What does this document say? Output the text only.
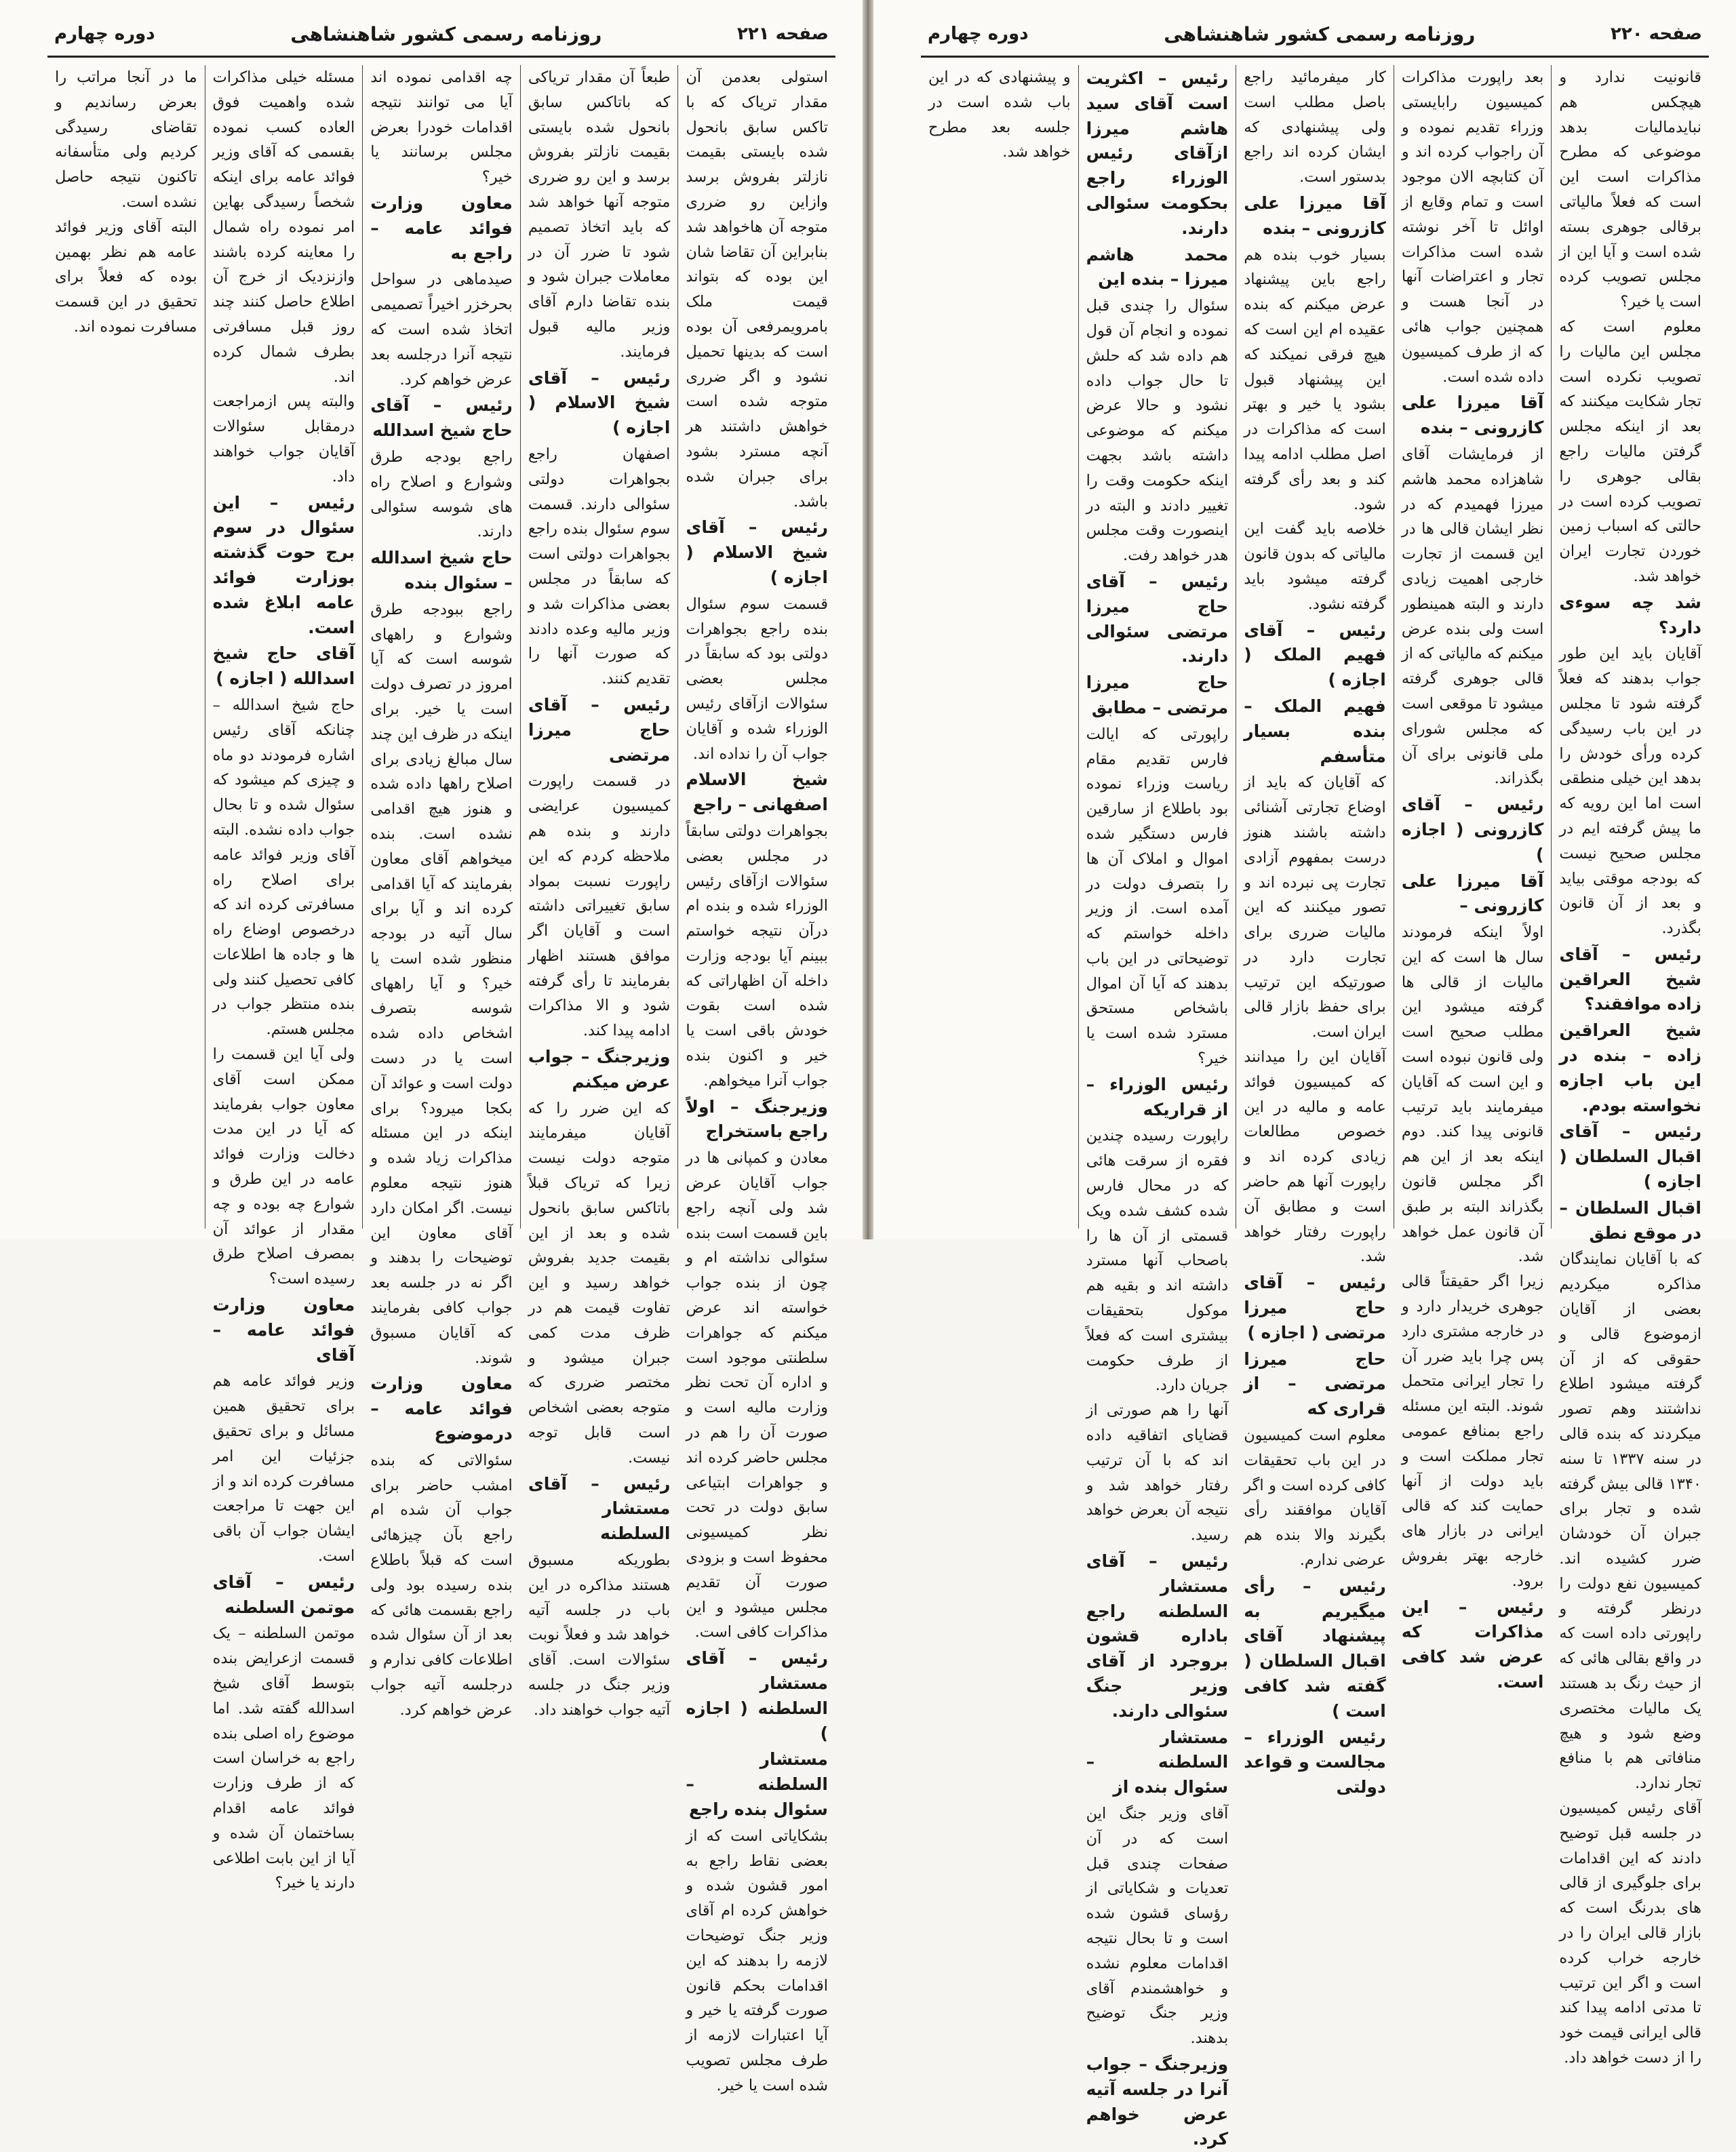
صفحه ۲۲۱
روزنامه رسمی کشور شاهنشاهی
دوره چهارم

استولی بعدمن آن مقدار تریاک که با تاکس سابق بانحول شده بایستی بقیمت نازلتر بفروش برسد وازاین رو ضرری متوجه آن هاخواهد شد بنابراین آن تقاضا شان این بوده که بتواند قیمت ملک بامرویمرفعی آن بوده است که بدینها تحمیل نشود و اگر ضرری متوجه شده است خواهش داشتند هر آنچه مسترد بشود برای جبران شده باشد.

رئیس – آقای شیخ الاسلام ( اجازه )

قسمت سوم سئوال بنده راجع بجواهرات دولتی بود که سابقاً در مجلس بعضی سئوالات ازآقای رئیس الوزراء شده و آقایان جواب آن را نداده اند.

شیخ الاسلام اصفهانی – راجع

بجواهرات دولتی سابقاً در مجلس بعضی سئوالات ازآقای رئیس الوزراء شده و بنده ام درآن نتیجه خواستم ببینم آیا بودجه وزارت داخله آن اظهاراتی که شده است بقوت خودش باقی است یا خیر و اکنون بنده جواب آنرا میخواهم.

وزیرجنگ – اولاً راجع باستخراج

معادن و کمپانی ها در جواب آقایان عرض شد ولی آنچه راجع باین قسمت است بنده سئوالی نداشته ام و چون از بنده جواب خواسته اند عرض میکنم که جواهرات سلطنتی موجود است و اداره آن تحت نظر وزارت مالیه است و صورت آن را هم در مجلس حاضر کرده اند و جواهرات ابتیاعی سابق دولت در تحت نظر کمیسیونی محفوظ است و بزودی صورت آن تقدیم مجلس میشود و این مذاکرات کافی است.

رئیس – آقای مستشار السلطنه ( اجازه )

مستشار السلطنه – سئوال بنده راجع

بشکایاتی است که از بعضی نقاط راجع به امور قشون شده و خواهش کرده ام آقای وزیر جنگ توضیحات لازمه را بدهند که این اقدامات بحکم قانون صورت گرفته یا خیر و آیا اعتبارات لازمه از طرف مجلس تصویب شده است یا خیر.

طبعاً آن مقدار تریاکی که باتاکس سابق بانحول شده بایستی بقیمت نازلتر بفروش برسد و این رو ضرری متوجه آنها خواهد شد که باید اتخاذ تصمیم شود تا ضرر آن در معاملات جبران شود و بنده تقاضا دارم آقای وزیر مالیه قبول فرمایند.

رئیس – آقای شیخ الاسلام ( اجازه )

اصفهان راجع بجواهرات دولتی سئوالی دارند. قسمت سوم سئوال بنده راجع بجواهرات دولتی است که سابقاً در مجلس بعضی مذاکرات شد و وزیر مالیه وعده دادند که صورت آنها را تقدیم کنند.

رئیس – آقای حاج میرزا مرتضی

در قسمت راپورت کمیسیون عرایضی دارند و بنده هم ملاحظه کردم که این راپورت نسبت بمواد سابق تغییراتی داشته است و آقایان اگر موافق هستند اظهار بفرمایند تا رأی گرفته شود و الا مذاکرات ادامه پیدا کند.

وزیرجنگ – جواب عرض میکنم

که این ضرر را که آقایان میفرمایند متوجه دولت نیست زیرا که تریاک قبلاً باتاکس سابق بانحول شده و بعد از این بقیمت جدید بفروش خواهد رسید و این تفاوت قیمت هم در ظرف مدت کمی جبران میشود و مختصر ضرری که متوجه بعضی اشخاص است قابل توجه نیست.

رئیس – آقای مستشار السلطنه

بطوریکه مسبوق هستند مذاکره در این باب در جلسه آتیه خواهد شد و فعلاً نوبت سئوالات است. آقای وزیر جنگ در جلسه آتیه جواب خواهند داد.

چه اقدامی نموده اند آیا می توانند نتیجه اقدامات خودرا بعرض مجلس برسانند یا خیر؟

معاون وزارت فوائد عامه – راجع به

صیدماهی در سواحل بحرخزر اخیراً تصمیمی اتخاذ شده است که نتیجه آنرا درجلسه بعد عرض خواهم کرد.

رئیس – آقای حاج شیخ اسدالله

راجع بودجه طرق وشوارع و اصلاح راه های شوسه سئوالی دارند.

حاج شیخ اسدالله – سئوال بنده

راجع ببودجه طرق وشوارع و راههای شوسه است که آیا امروز در تصرف دولت است یا خیر. برای اینکه در ظرف این چند سال مبالغ زیادی برای اصلاح راهها داده شده و هنوز هیچ اقدامی نشده است. بنده میخواهم آقای معاون بفرمایند که آیا اقدامی کرده اند و آیا برای سال آتیه در بودجه منظور شده است یا خیر؟ و آیا راههای شوسه بتصرف اشخاص داده شده است یا در دست دولت است و عوائد آن بکجا میرود؟ برای اینکه در این مسئله مذاکرات زیاد شده و هنوز نتیجه معلوم نیست. اگر امکان دارد آقای معاون این توضیحات را بدهند و اگر نه در جلسه بعد جواب کافی بفرمایند که آقایان مسبوق شوند.

معاون وزارت فوائد عامه – درموضوع

سئوالاتی که بنده امشب حاضر برای جواب آن شده ام راجع بآن چیزهائی است که قبلاً باطلاع بنده رسیده بود ولی راجع بقسمت هائی که بعد از آن سئوال شده اطلاعات کافی ندارم و درجلسه آتیه جواب عرض خواهم کرد.

مسئله خیلی مذاکرات شده واهمیت فوق العاده کسب نموده بقسمی که آقای وزیر فوائد عامه برای اینکه شخصاً رسیدگی بهاین امر نموده راه شمال را معاینه کرده باشند وازنزدیک از خرج آن اطلاع حاصل کنند چند روز قبل مسافرتی بطرف شمال کرده اند.

والبته پس ازمراجعت درمقابل سئوالات آقایان جواب خواهند داد.

رئیس – این سئوال در سوم برج حوت گذشته بوزارت فوائد عامه ابلاغ شده است.

آقای حاج شیخ اسدالله ( اجازه )

حاج شیخ اسدالله – چنانکه آقای رئیس اشاره فرمودند دو ماه و چیزی کم میشود که سئوال شده و تا بحال جواب داده نشده. البته آقای وزیر فوائد عامه برای اصلاح راه مسافرتی کرده اند که درخصوص اوضاع راه ها و جاده ها اطلاعات کافی تحصیل کنند ولی بنده منتظر جواب در مجلس هستم.

ولی آیا این قسمت را ممکن است آقای معاون جواب بفرمایند که آیا در این مدت دخالت وزارت فوائد عامه در این طرق و شوارع چه بوده و چه مقدار از عوائد آن بمصرف اصلاح طرق رسیده است؟

معاون وزارت فوائد عامه – آقای

وزیر فوائد عامه هم برای تحقیق همین مسائل و برای تحقیق جزئیات این امر مسافرت کرده اند و از این جهت تا مراجعت ایشان جواب آن باقی است.

رئیس – آقای موتمن السلطنه

موتمن السلطنه – یک قسمت ازعرایض بنده بتوسط آقای شیخ اسدالله گفته شد. اما موضوع راه اصلی بنده راجع به خراسان است که از طرف وزارت فوائد عامه اقدام بساختمان آن شده و آیا از این بابت اطلاعی دارند یا خیر؟

ما در آنجا مراتب را بعرض رساندیم و تقاضای رسیدگی کردیم ولی متأسفانه تاکنون نتیجه حاصل نشده است.

البته آقای وزیر فوائد عامه هم نظر بهمین بوده که فعلاً برای تحقیق در این قسمت مسافرت نموده اند.

صفحه ۲۲۰
روزنامه رسمی کشور شاهنشاهی
دوره چهارم

قانونیت ندارد و هیچکس هم نبایدمالیات بدهد موضوعی که مطرح مذاکرات است این است که فعلاً مالیاتی برقالی جوهری بسته شده است و آیا این از مجلس تصویب کرده است یا خیر؟

معلوم است که مجلس این مالیات را تصویب نکرده است تجار شکایت میکنند که بعد از اینکه مجلس گرفتن مالیات راجع بقالی جوهری را تصویب کرده است در حالتی که اسباب زمین خوردن تجارت ایران خواهد شد.

شد چه سوءی دارد؟

آقایان باید این طور جواب بدهند که فعلاً گرفته شود تا مجلس در این باب رسیدگی کرده ورأی خودش را بدهد این خیلی منطقی است اما این رویه که ما پیش گرفته ایم در مجلس صحیح نیست که بودجه موقتی بیاید و بعد از آن قانون بگذرد.

رئیس – آقای شیخ العراقین زاده موافقند؟

شیخ العراقین زاده – بنده در این باب اجازه نخواسته بودم.

رئیس – آقای اقبال السلطان ( اجازه )

اقبال السلطان – در موقع نطق

که با آقایان نمایندگان مذاکره میکردیم بعضی از آقایان ازموضوع قالی و حقوقی که از آن گرفته میشود اطلاع نداشتند وهم تصور میکردند که بنده قالی در سنه ۱۳۳۷ تا سنه ۱۳۴۰ قالی بیش گرفته شده و تجار برای جبران آن خودشان ضرر کشیده اند. کمیسیون نفع دولت را درنظر گرفته و راپورتی داده است که در واقع بقالی هائی که از حیث رنگ بد هستند یک مالیات مختصری وضع شود و هیچ منافاتی هم با منافع تجار ندارد.

آقای رئیس کمیسیون در جلسه قبل توضیح دادند که این اقدامات برای جلوگیری از قالی های بدرنگ است که بازار قالی ایران را در خارجه خراب کرده است و اگر این ترتیب تا مدتی ادامه پیدا کند قالی ایرانی قیمت خود را از دست خواهد داد.

بعد راپورت مذاکرات کمیسیون رابایستی وزراء تقدیم نموده و آن راجواب کرده اند و آن کتابچه الان موجود است و تمام وقایع از اوائل تا آخر نوشته شده است مذاکرات تجار و اعتراضات آنها در آنجا هست و همچنین جواب هائی که از طرف کمیسیون داده شده است.

آقا میرزا علی کازرونی – بنده

از فرمایشات آقای شاهزاده محمد هاشم میرزا فهمیدم که در نظر ایشان قالی ها در این قسمت از تجارت خارجی اهمیت زیادی دارند و البته همینطور است ولی بنده عرض میکنم که مالیاتی که از قالی جوهری گرفته میشود تا موقعی است که مجلس شورای ملی قانونی برای آن بگذراند.

رئیس – آقای کازرونی ( اجازه )

آقا میرزا علی کازرونی –

اولاً اینکه فرمودند سال ها است که این مالیات از قالی ها گرفته میشود این مطلب صحیح است ولی قانون نبوده است و این است که آقایان میفرمایند باید ترتیب قانونی پیدا کند. دوم اینکه بعد از این هم اگر مجلس قانون بگذراند البته بر طبق آن قانون عمل خواهد شد.

زیرا اگر حقیقتاً قالی جوهری خریدار دارد و در خارجه مشتری دارد پس چرا باید ضرر آن را تجار ایرانی متحمل شوند. البته این مسئله راجع بمنافع عمومی تجار مملکت است و باید دولت از آنها حمایت کند که قالی ایرانی در بازار های خارجه بهتر بفروش برود.

رئیس – این مذاکرات که عرض شد کافی است.

کار میفرمائید راجع باصل مطلب است ولی پیشنهادی که ایشان کرده اند راجع بدستور است.

آقا میرزا علی کازرونی – بنده

بسیار خوب بنده هم راجع باین پیشنهاد عرض میکنم که بنده عقیده ام این است که هیچ فرقی نمیکند که این پیشنهاد قبول بشود یا خیر و بهتر است که مذاکرات در اصل مطلب ادامه پیدا کند و بعد رأی گرفته شود.

خلاصه باید گفت این مالیاتی که بدون قانون گرفته میشود باید گرفته نشود.

رئیس – آقای فهیم الملک ( اجازه )

فهیم الملک – بنده بسیار متأسفم

که آقایان که باید از اوضاع تجارتی آشنائی داشته باشند هنوز درست بمفهوم آزادی تجارت پی نبرده اند و تصور میکنند که این مالیات ضرری برای تجارت دارد در صورتیکه این ترتیب برای حفظ بازار قالی ایران است.

آقایان این را میدانند که کمیسیون فوائد عامه و مالیه در این خصوص مطالعات زیادی کرده اند و راپورت آنها هم حاضر است و مطابق آن راپورت رفتار خواهد شد.

رئیس – آقای حاج میرزا مرتضی ( اجازه )

حاج میرزا مرتضی – از قراری که

معلوم است کمیسیون در این باب تحقیقات کافی کرده است و اگر آقایان موافقند رأی بگیرند والا بنده هم عرضی ندارم.

رئیس – رأی میگیریم به پیشنهاد آقای اقبال السلطان ( گفته شد کافی است )

رئیس الوزراء – مجالست و قواعد دولتی

رئیس – اکثریت است آقای سید هاشم میرزا ازآقای رئیس الوزراء راجع بحکومت سئوالی دارند.

محمد هاشم میرزا – بنده این

سئوال را چندی قبل نموده و انجام آن قول هم داده شد که حلش تا حال جواب داده نشود و حالا عرض میکنم که موضوعی داشته باشد بجهت اینکه حکومت وقت را تغییر دادند و البته در اینصورت وقت مجلس هدر خواهد رفت.

رئیس – آقای حاج میرزا مرتضی سئوالی دارند.

حاج میرزا مرتضی – مطابق

راپورتی که ایالت فارس تقدیم مقام ریاست وزراء نموده بود باطلاع از سارقین فارس دستگیر شده اموال و املاک آن ها را بتصرف دولت در آمده است. از وزیر داخله خواستم که توضیحاتی در این باب بدهند که آیا آن اموال باشخاص مستحق مسترد شده است یا خیر؟

رئیس الوزراء – از قراریکه

راپورت رسیده چندین فقره از سرقت هائی که در محال فارس شده کشف شده ویک قسمتی از آن ها را باصحاب آنها مسترد داشته اند و بقیه هم موکول بتحقیقات بیشتری است که فعلاً از طرف حکومت جریان دارد.

آنها را هم صورتی از قضایای اتفاقیه داده اند که با آن ترتیب رفتار خواهد شد و نتیجه آن بعرض خواهد رسید.

رئیس – آقای مستشار السلطنه راجع باداره قشون بروجرد از آقای وزیر جنگ سئوالی دارند.

مستشار السلطنه – سئوال بنده از

آقای وزیر جنگ این است که در آن صفحات چندی قبل تعدیات و شکایاتی از رؤسای قشون شده است و تا بحال نتیجه اقدامات معلوم نشده و خواهشمندم آقای وزیر جنگ توضیح بدهند.

وزیرجنگ – جواب آنرا در جلسه آتیه عرض خواهم کرد.

و پیشنهادی که در این باب شده است در جلسه بعد مطرح خواهد شد.
